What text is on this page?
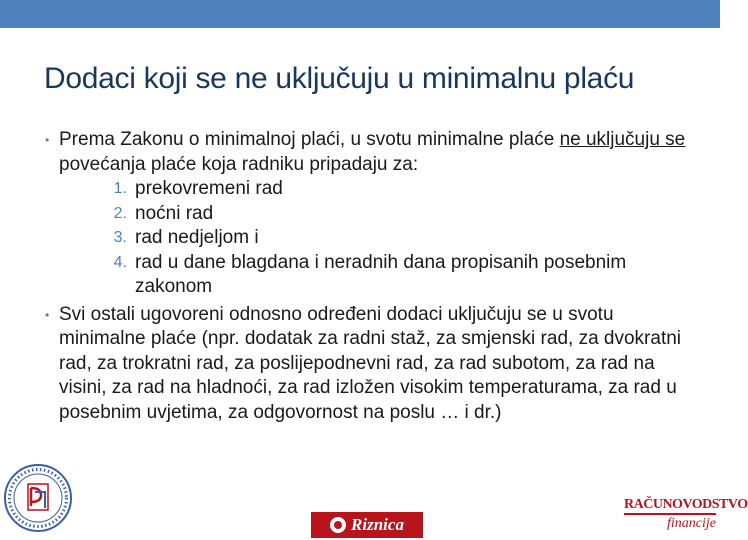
Dodaci koji se ne uključuju u minimalnu plaću
• Prema Zakonu o minimalnoj plaći, u svotu minimalne plaće ne uključuju se povećanja plaće koja radniku pripadaju za:
1. prekovremeni rad
2. noćni rad
3. rad nedjeljom i
4. rad u dane blagdana i neradnih dana propisanih posebnim zakonom
• Svi ostali ugovoreni odnosno određeni dodaci uključuju se u svotu minimalne plaće (npr. dodatak za radni staž, za smjenski rad, za dvokratni rad, za trokratni rad, za poslijepodnevni rad, za rad subotom, za rad na visini, za rad na hladnoći, za rad izložen visokim temperaturama, za rad u posebnim uvjetima, za odgovornost na poslu … i dr.)
Riznica
RAČUNOVODSTVO
financije
